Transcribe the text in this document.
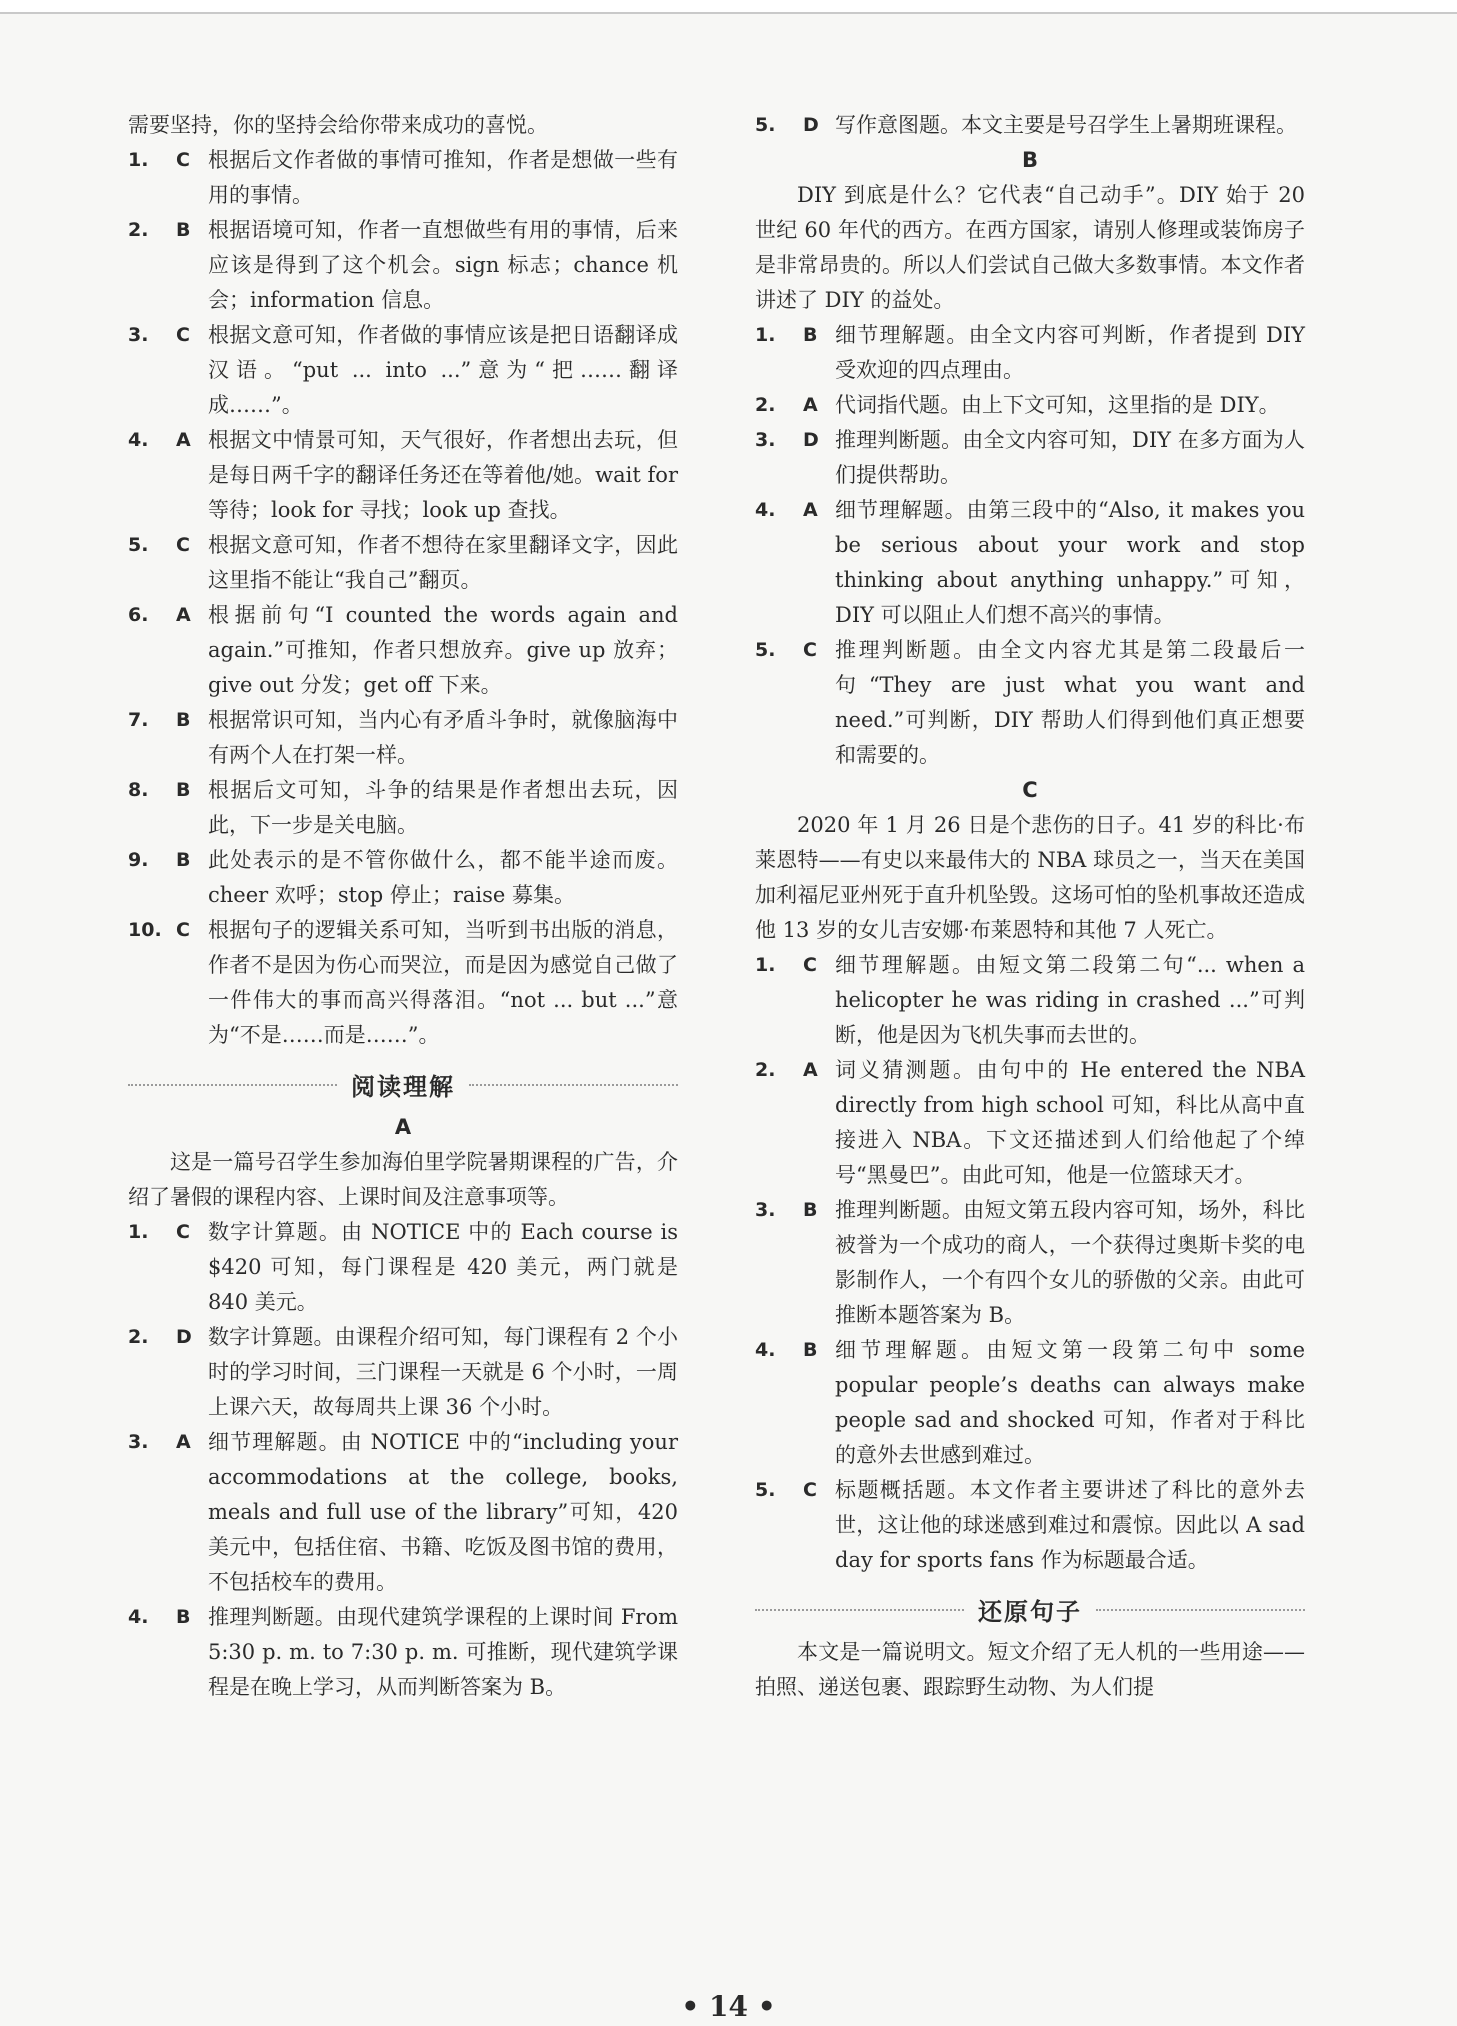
需要坚持，你的坚持会给你带来成功的喜悦。

1.	C 根据后文作者做的事情可推知，作者是想做一些有用的事情。
2.	B 根据语境可知，作者一直想做些有用的事情，后来应该是得到了这个机会。sign 标志；chance 机会；information 信息。
3.	C 根据文意可知，作者做的事情应该是把日语翻译成汉语。“put ... into ...”意为“把……翻译成……”。
4.	A 根据文中情景可知，天气很好，作者想出去玩，但是每日两千字的翻译任务还在等着他/她。wait for 等待；look for 寻找；look up 查找。
5.	C 根据文意可知，作者不想待在家里翻译文字，因此这里指不能让“我自己”翻页。
6.	A 根据前句“I counted the words again and again.”可推知，作者只想放弃。give up 放弃；give out 分发；get off 下来。
7.	B 根据常识可知，当内心有矛盾斗争时，就像脑海中有两个人在打架一样。
8.	B 根据后文可知，斗争的结果是作者想出去玩，因此，下一步是关电脑。
9.	B 此处表示的是不管你做什么，都不能半途而废。cheer 欢呼；stop 停止；raise 募集。
10. C 根据句子的逻辑关系可知，当听到书出版的消息，作者不是因为伤心而哭泣，而是因为感觉自己做了一件伟大的事而高兴得落泪。“not ... but ...”意为“不是……而是……”。
阅读理解

A

这是一篇号召学生参加海伯里学院暑期课程的广告，介绍了暑假的课程内容、上课时间及注意事项等。

1.	C 数字计算题。由 NOTICE 中的 Each course is $420 可知，每门课程是 420 美元，两门就是 840 美元。
2.	D 数字计算题。由课程介绍可知，每门课程有 2 个小时的学习时间，三门课程一天就是 6 个小时，一周上课六天，故每周共上课 36 个小时。
3.	A 细节理解题。由 NOTICE 中的“including your accommodations at the college, books, meals and full use of the library”可知，420 美元中，包括住宿、书籍、吃饭及图书馆的费用，不包括校车的费用。
4.	B 推理判断题。由现代建筑学课程的上课时间 From 5:30 p. m. to 7:30 p. m. 可推断，现代建筑学课程是在晚上学习，从而判断答案为 B。
5.	D 写作意图题。本文主要是号召学生上暑期班课程。

B

DIY 到底是什么？它代表“自己动手”。DIY 始于 20 世纪 60 年代的西方。在西方国家，请别人修理或装饰房子是非常昂贵的。所以人们尝试自己做大多数事情。本文作者讲述了 DIY 的益处。

1.	B 细节理解题。由全文内容可判断，作者提到 DIY 受欢迎的四点理由。
2.	A 代词指代题。由上下文可知，这里指的是 DIY。
3.	D 推理判断题。由全文内容可知，DIY 在多方面为人们提供帮助。
4.	A 细节理解题。由第三段中的“Also, it makes you be serious about your work and stop thinking about anything unhappy.”可知，DIY 可以阻止人们想不高兴的事情。
5.	C 推理判断题。由全文内容尤其是第二段最后一句“They are just what you want and need.”可判断，DIY 帮助人们得到他们真正想要和需要的。

C

2020 年 1 月 26 日是个悲伤的日子。41 岁的科比·布莱恩特——有史以来最伟大的 NBA 球员之一，当天在美国加利福尼亚州死于直升机坠毁。这场可怕的坠机事故还造成他 13 岁的女儿吉安娜·布莱恩特和其他 7 人死亡。

1.	C 细节理解题。由短文第二段第二句“... when a helicopter he was riding in crashed ...”可判断，他是因为飞机失事而去世的。
2.	A 词义猜测题。由句中的 He entered the NBA directly from high school 可知，科比从高中直接进入 NBA。下文还描述到人们给他起了个绰号“黑曼巴”。由此可知，他是一位篮球天才。
3.	B 推理判断题。由短文第五段内容可知，场外，科比被誉为一个成功的商人，一个获得过奥斯卡奖的电影制作人，一个有四个女儿的骄傲的父亲。由此可推断本题答案为 B。
4.	B 细节理解题。由短文第一段第二句中 some popular people’s deaths can always make people sad and shocked 可知，作者对于科比的意外去世感到难过。
5.	C 标题概括题。本文作者主要讲述了科比的意外去世，这让他的球迷感到难过和震惊。因此以 A sad day for sports fans 作为标题最合适。
还原句子

本文是一篇说明文。短文介绍了无人机的一些用途——拍照、递送包裹、跟踪野生动物、为人们提

• 14 •
